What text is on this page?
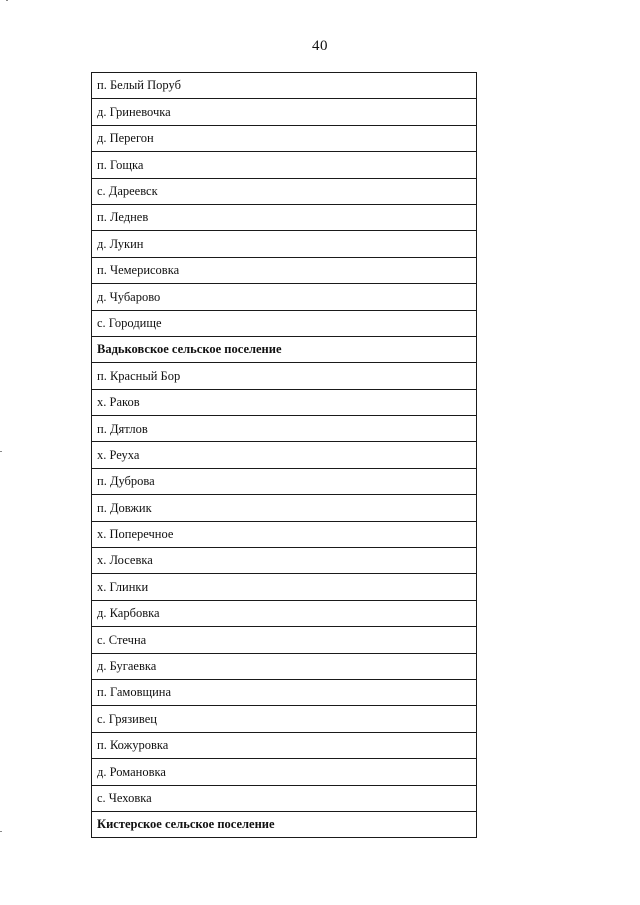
40
п. Белый Поруб
д. Гриневочка
д. Перегон
п. Гощка
с. Дареевск
п. Леднев
д. Лукин
п. Чемерисовка
д. Чубарово
с. Городище
Вадьковское сельское поселение
п. Красный Бор
х. Раков
п. Дятлов
х. Реуха
п. Дуброва
п. Довжик
х. Поперечное
х. Лосевка
х. Глинки
д. Карбовка
с. Стечна
д. Бугаевка
п. Гамовщина
с. Грязивец
п. Кожуровка
д. Романовка
с. Чеховка
Кистерское сельское поселение
